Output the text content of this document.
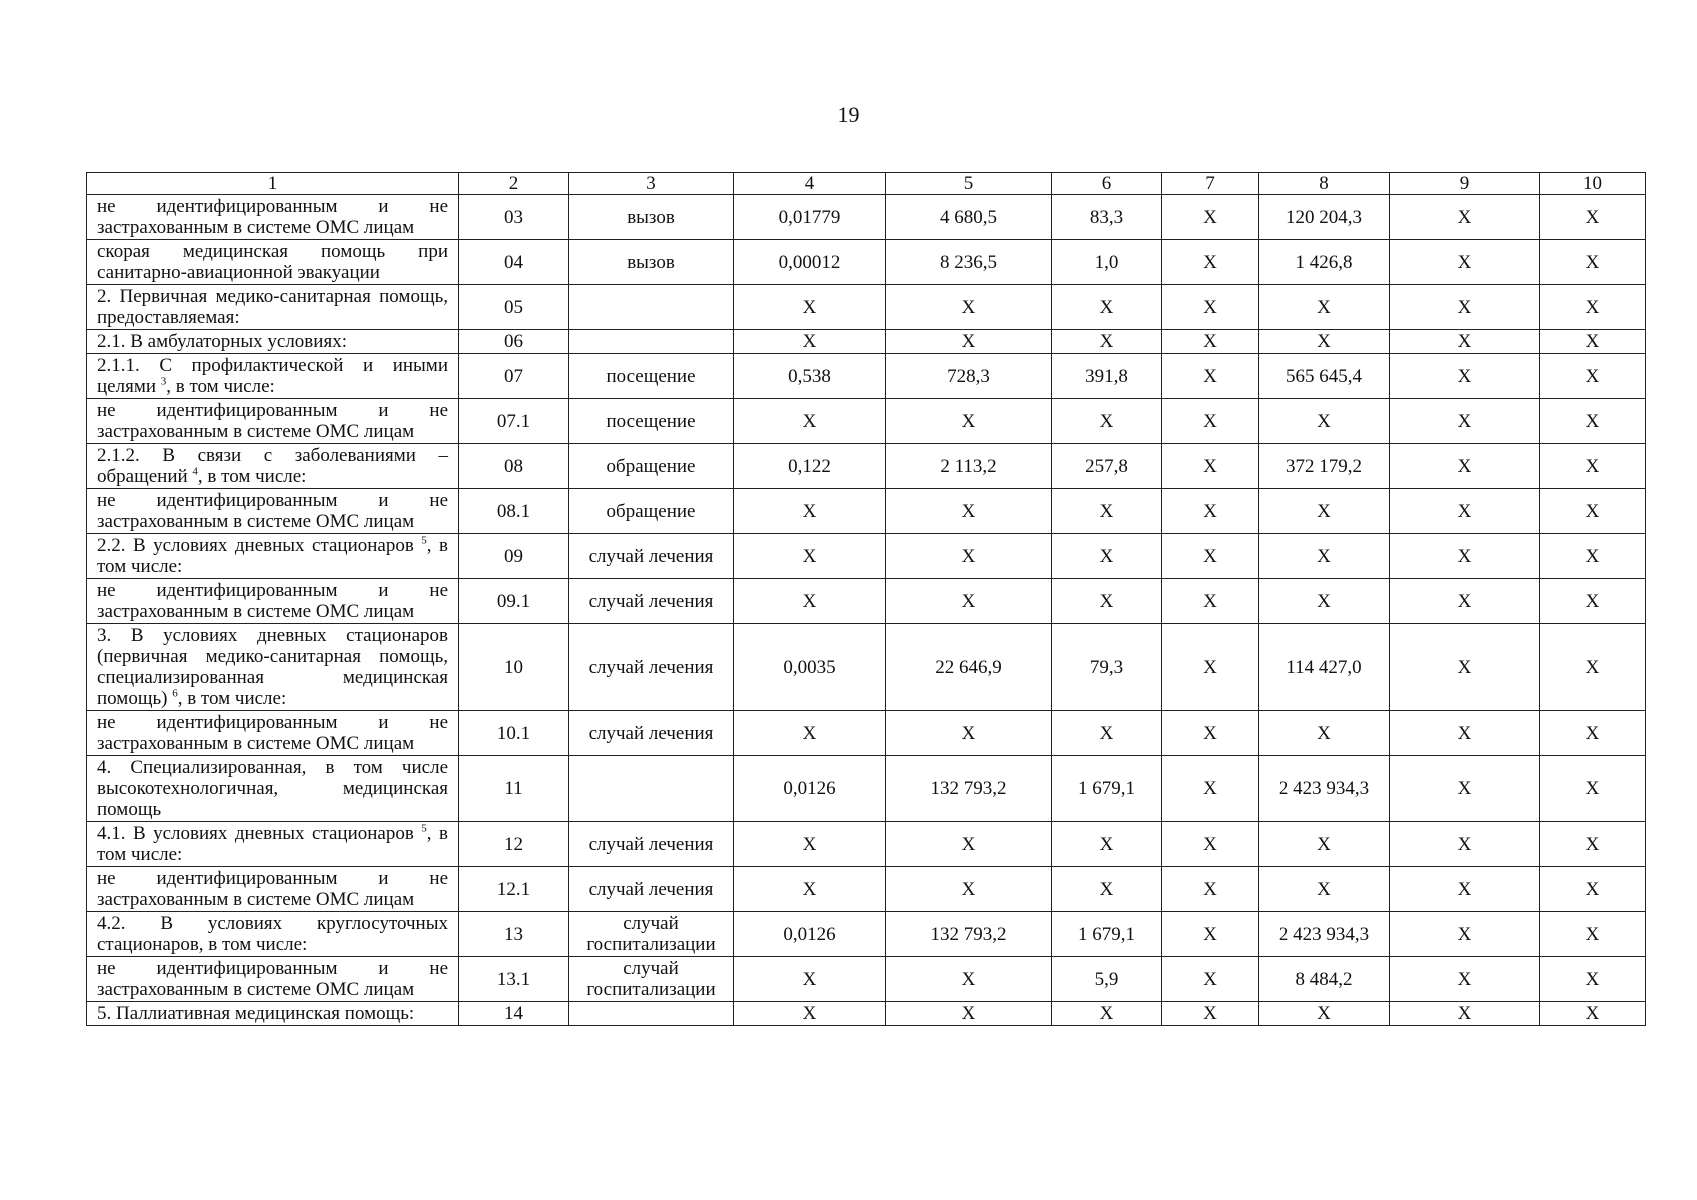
19
1	2	3	4	5	6	7	8	9	10
не идентифицированным и не застрахованным в системе ОМС лицам	03	вызов	0,01779	4 680,5	83,3	X	120 204,3	X	X
скорая медицинская помощь при санитарно-авиационной эвакуации	04	вызов	0,00012	8 236,5	1,0	X	1 426,8	X	X
2. Первичная медико-санитарная помощь, предоставляемая:	05		X	X	X	X	X	X	X
2.1. В амбулаторных условиях:	06		X	X	X	X	X	X	X
2.1.1. С профилактической и иными целями $^3$, в том числе:	07	посещение	0,538	728,3	391,8	X	565 645,4	X	X
не идентифицированным и не застрахованным в системе ОМС лицам	07.1	посещение	X	X	X	X	X	X	X
2.1.2. В связи с заболеваниями – обращений $^4$, в том числе:	08	обращение	0,122	2 113,2	257,8	X	372 179,2	X	X
не идентифицированным и не застрахованным в системе ОМС лицам	08.1	обращение	X	X	X	X	X	X	X
2.2. В условиях дневных стационаров $^5$, в том числе:	09	случай лечения	X	X	X	X	X	X	X
не идентифицированным и не застрахованным в системе ОМС лицам	09.1	случай лечения	X	X	X	X	X	X	X
3. В условиях дневных стационаров (первичная медико-санитарная помощь, специализированная медицинская помощь) $^6$, в том числе:	10	случай лечения	0,0035	22 646,9	79,3	X	114 427,0	X	X
не идентифицированным и не застрахованным в системе ОМС лицам	10.1	случай лечения	X	X	X	X	X	X	X
4. Специализированная, в том числе высокотехнологичная, медицинская помощь	11		0,0126	132 793,2	1 679,1	X	2 423 934,3	X	X
4.1. В условиях дневных стационаров $^5$, в том числе:	12	случай лечения	X	X	X	X	X	X	X
не идентифицированным и не застрахованным в системе ОМС лицам	12.1	случай лечения	X	X	X	X	X	X	X
4.2. В условиях круглосуточных стационаров, в том числе:	13	случай госпитализации	0,0126	132 793,2	1 679,1	X	2 423 934,3	X	X
не идентифицированным и не застрахованным в системе ОМС лицам	13.1	случай госпитализации	X	X	5,9	X	8 484,2	X	X
5. Паллиативная медицинская помощь:	14		X	X	X	X	X	X	X
